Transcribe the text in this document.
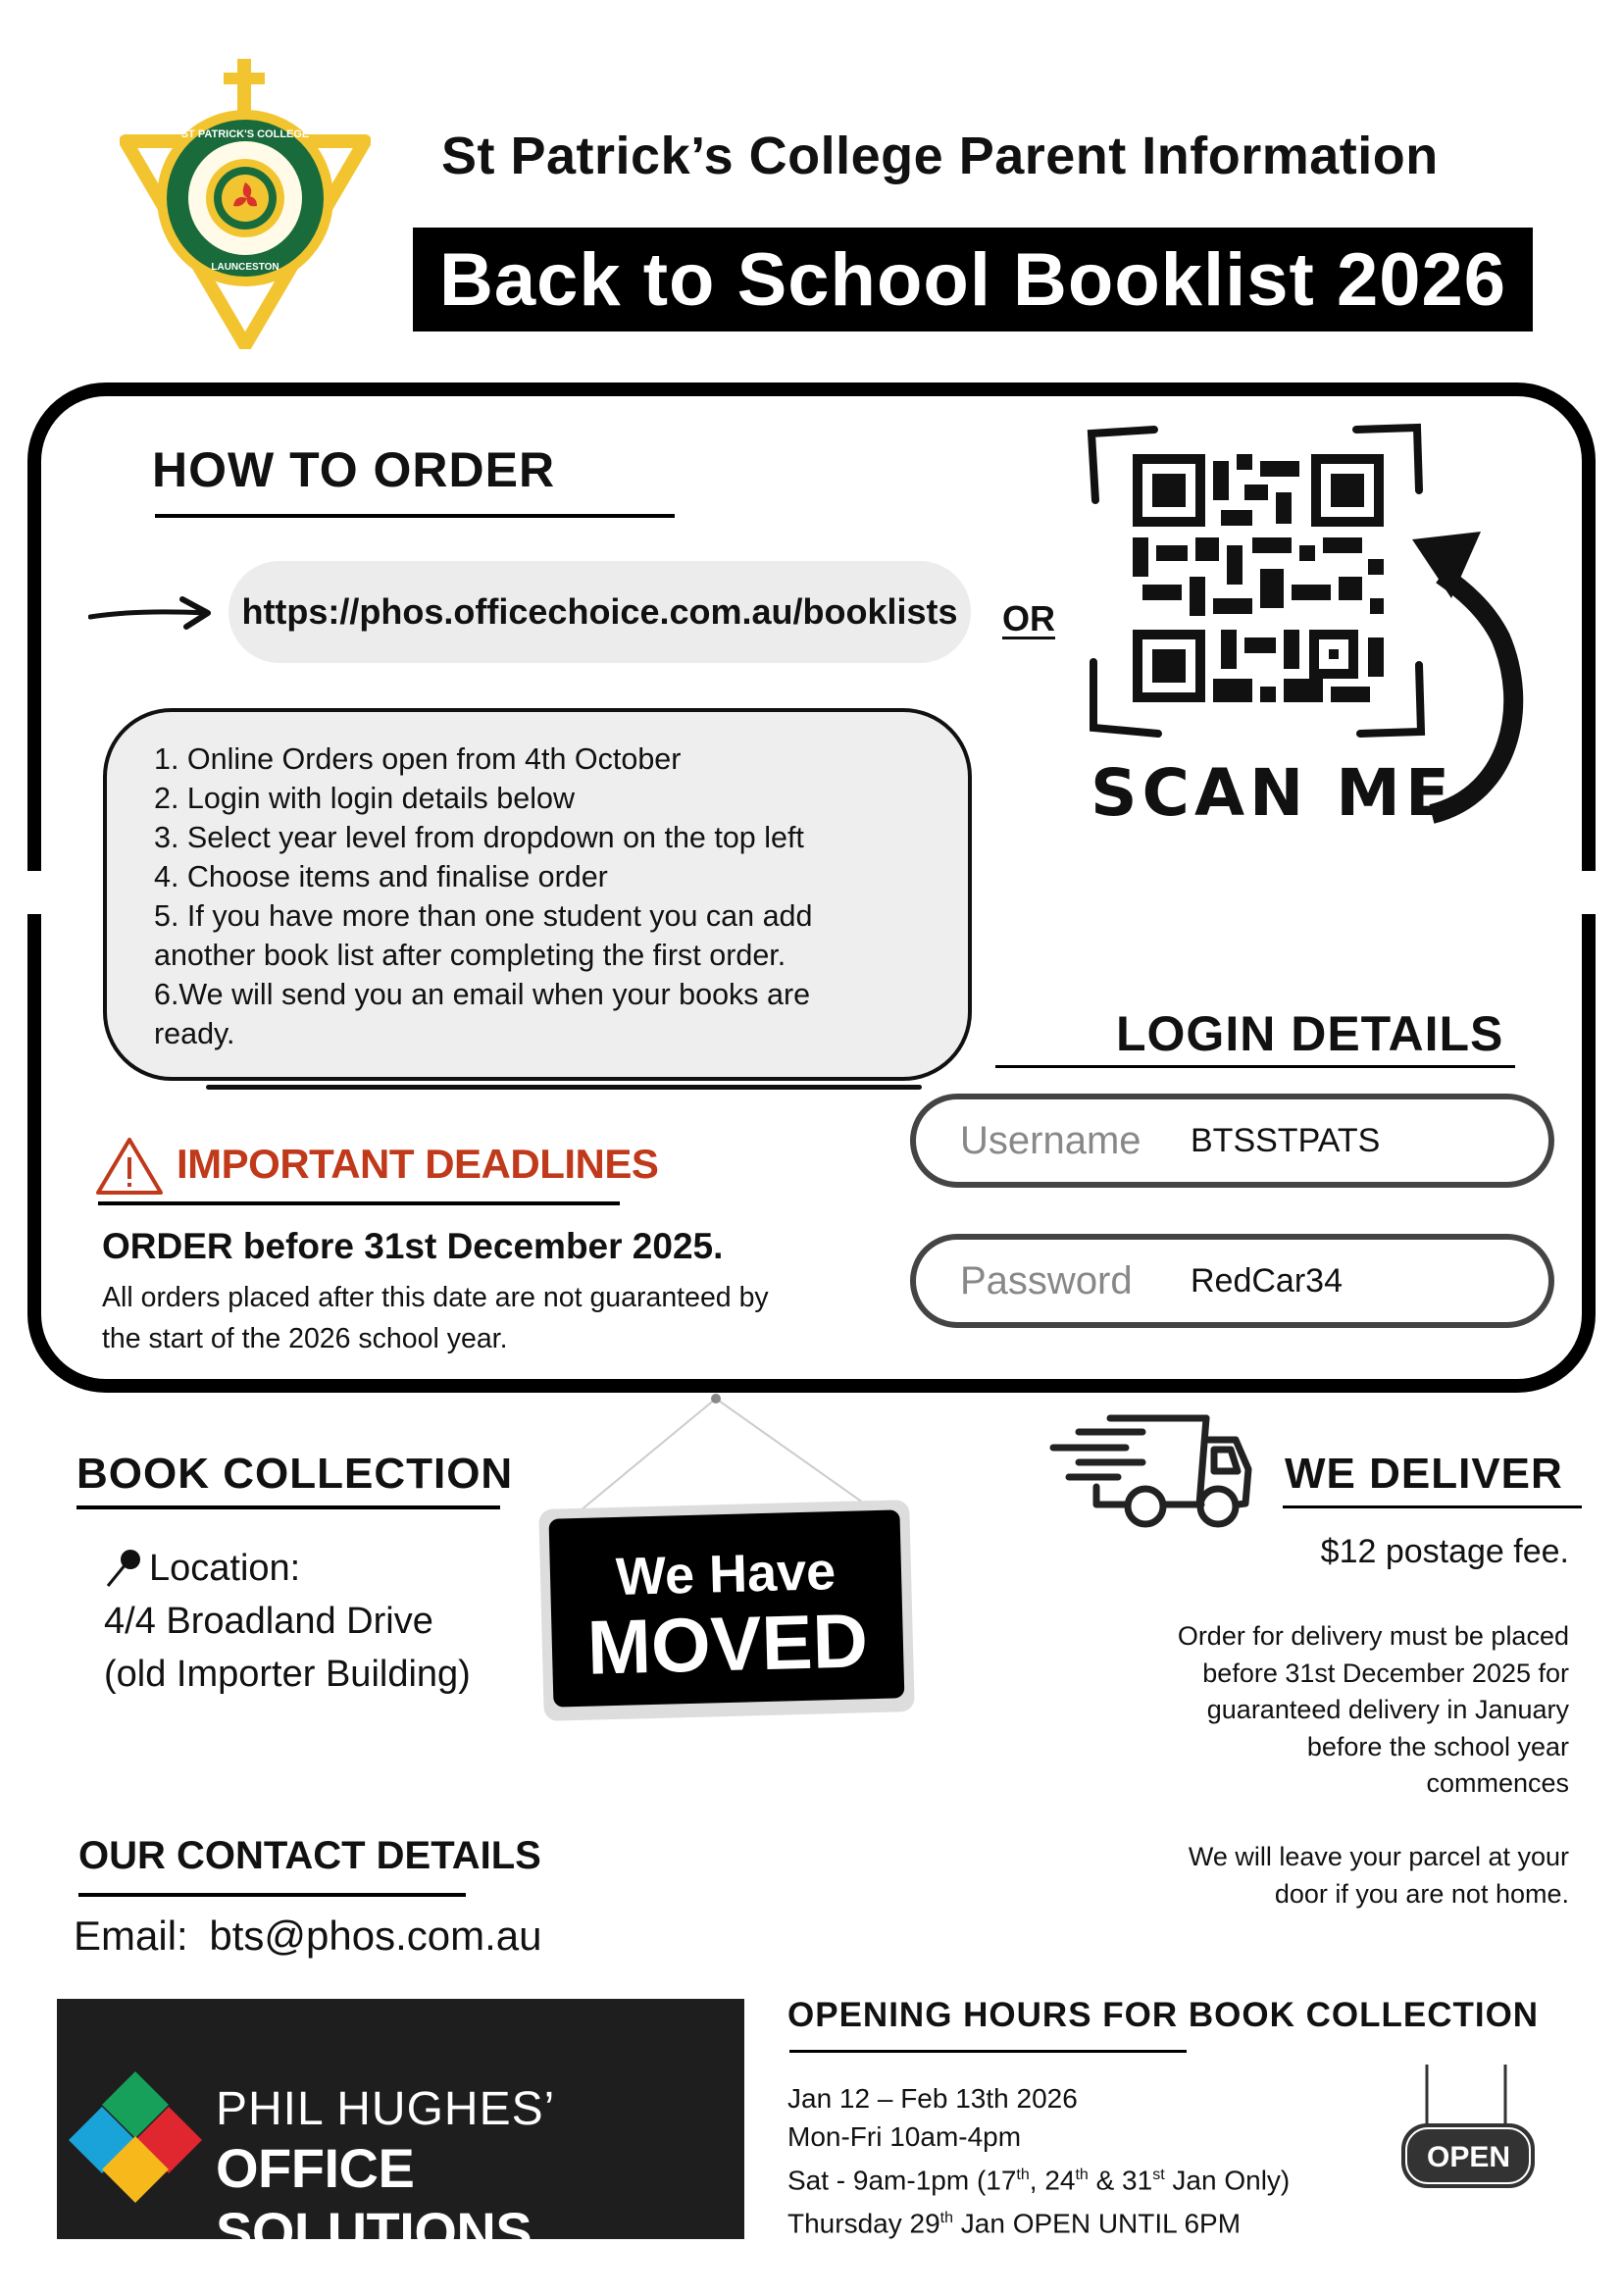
ST PATRICK'S COLLEGE
LAUNCESTON
St Patrick’s College Parent Information
Back to School Booklist 2026
HOW TO ORDER
https://phos.officechoice.com.au/booklists OR
SCAN ME
1. Online Orders open from 4th October
2. Login with login details below
3. Select year level from dropdown on the top left
4. Choose items and finalise order
5. If you have more than one student you can add
another book list after completing the first order.
6.We will send you an email when your books are
ready.	LOGIN DETAILS
Username	BTSSTPATS
Password	RedCar34
IMPORTANT DEADLINES
ORDER before 31st December 2025.
All orders placed after this date are not guaranteed by
the start of the 2026 school year.
BOOK COLLECTION
Location:
4/4 Broadland Drive
(old Importer Building)
We Have
MOVED
WE DELIVER
$12 postage fee.
Order for delivery must be placed
before 31st December 2025 for
guaranteed delivery in January
before the school year
commences
We will leave your parcel at your
door if you are not home.
OUR CONTACT DETAILS
Email: bts@phos.com.au
PHIL HUGHES’
OFFICE SOLUTIONS
OPENING HOURS FOR BOOK COLLECTION
Jan 12 – Feb 13th 2026
Mon-Fri 10am-4pm
Sat - 9am-1pm (17th, 24th & 31st Jan Only)
Thursday 29th Jan OPEN UNTIL 6PM
OPEN
